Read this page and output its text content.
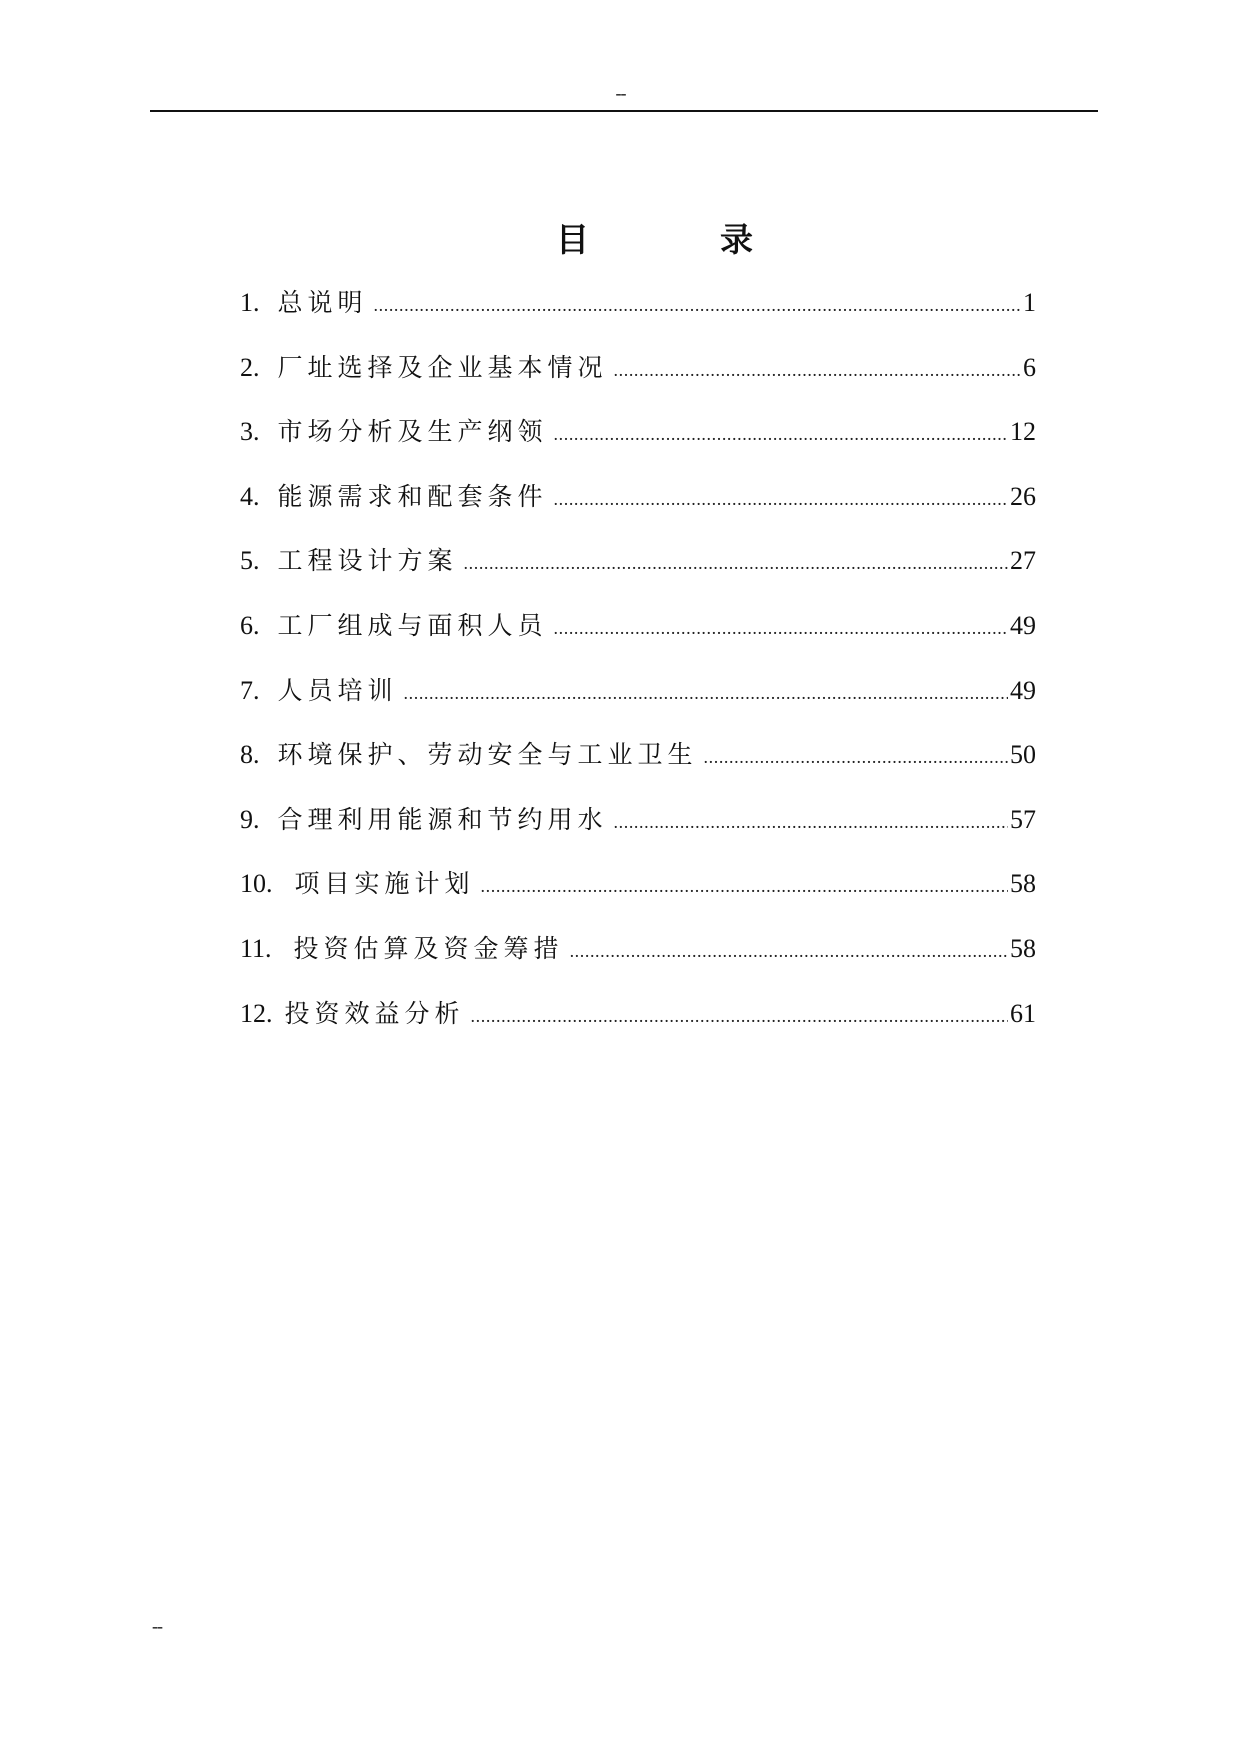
--
目	录
1. 总说明 .....	1
2. 厂址选择及企业基本情况 .....	6
3. 市场分析及生产纲领 .....	12
4. 能源需求和配套条件 .....	26
5. 工程设计方案 .....	27
6. 工厂组成与面积人员 .....	49
7. 人员培训 .....	49
8. 环境保护、劳动安全与工业卫生 .....	50
9. 合理利用能源和节约用水 .....	57
10. 项目实施计划 .....	58
11. 投资估算及资金筹措 .....	58
12. 投资效益分析 .....	61
--
